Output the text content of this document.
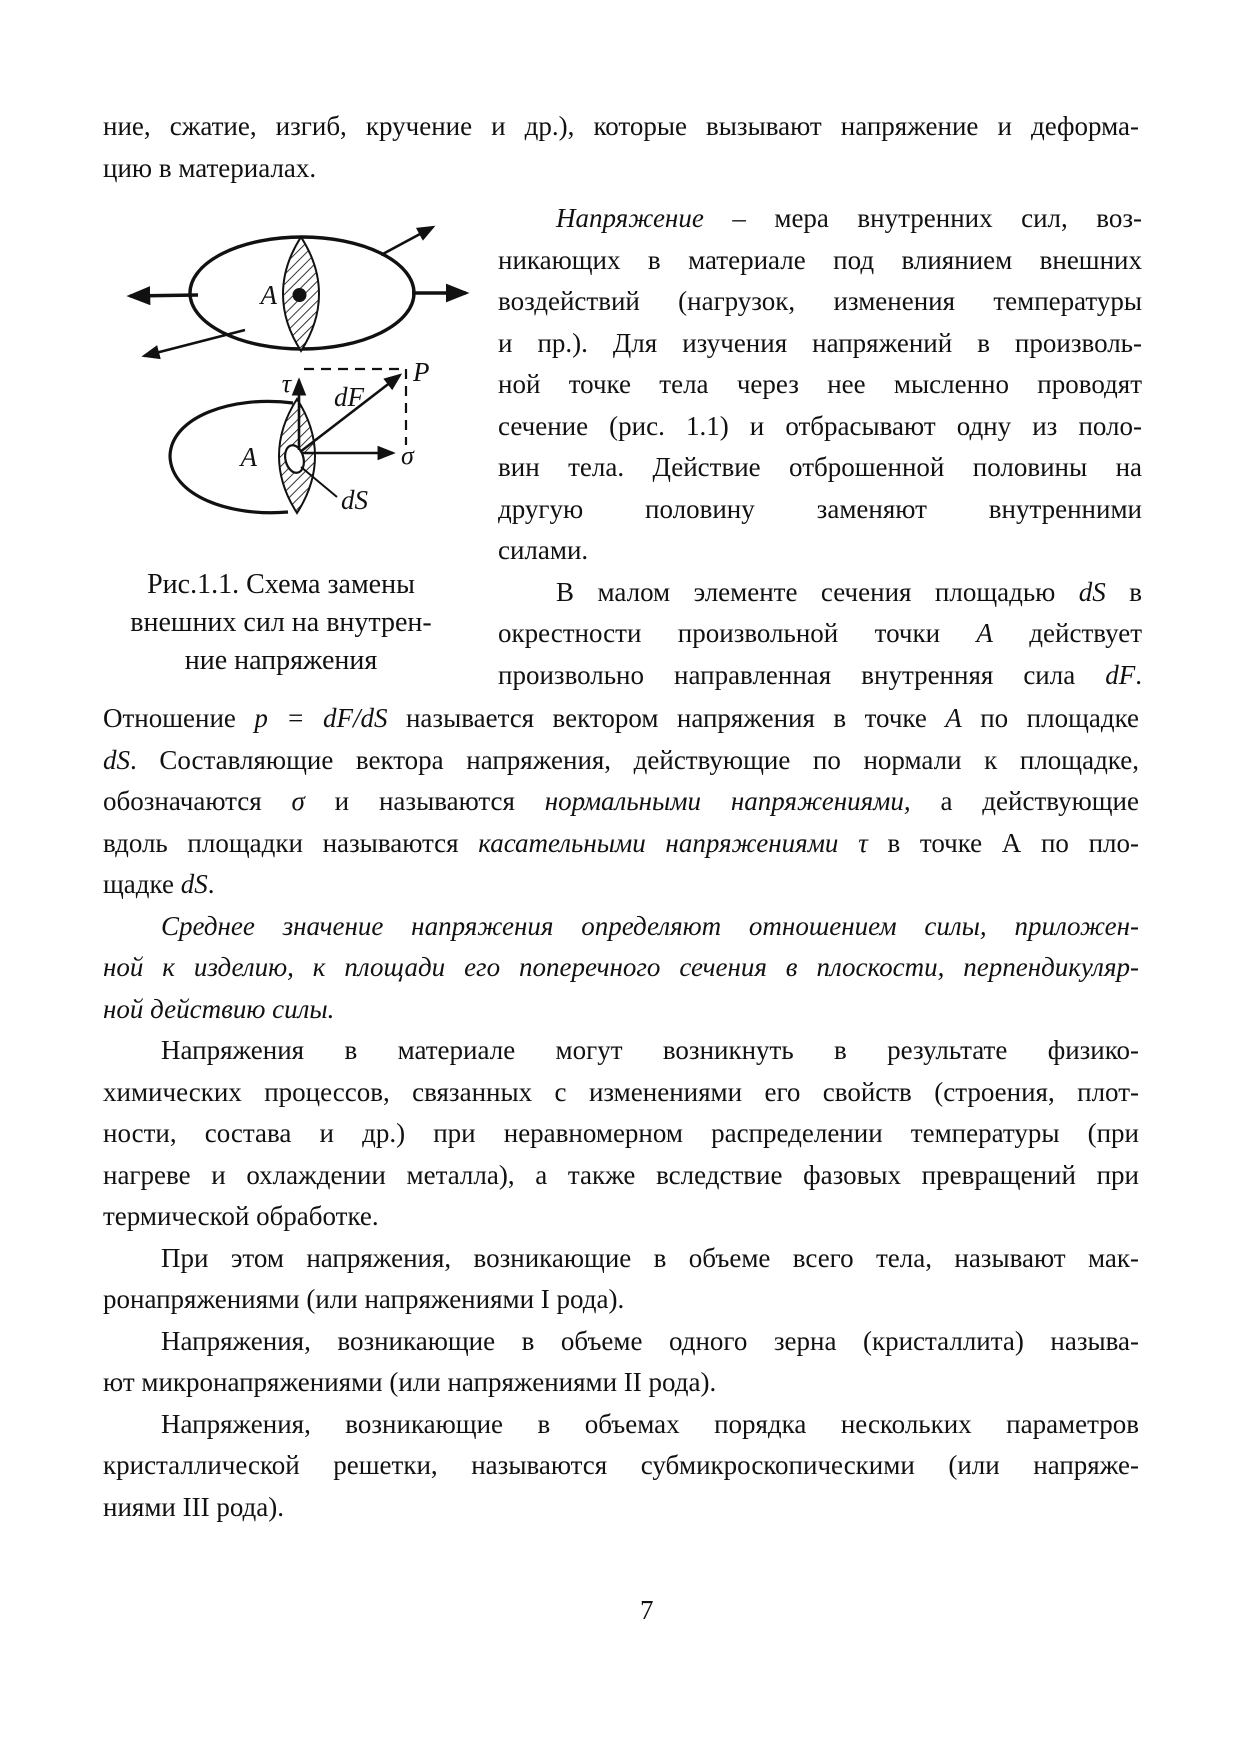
ние, сжатие, изгиб, кручение и др.), которые вызывают напряжение и деформа-
цию в материалах.
A
τ	P
dF
σ
dS
A
Рис.1.1. Схема замены
внешних сил на внутрен-
ние напряжения
Напряжение – мера внутренних сил, воз-
никающих в материале под влиянием внешних
воздействий (нагрузок, изменения температуры
и пр.). Для изучения напряжений в произволь-
ной точке тела через нее мысленно проводят
сечение (рис. 1.1) и отбрасывают одну из поло-
вин тела. Действие отброшенной половины на
другую половину заменяют внутренними
силами.
В малом элементе сечения площадью dS в
окрестности произвольной точки А действует
произвольно направленная внутренняя сила dF.
Отношение p = dF/dS называется вектором напряжения в точке А по площадке
dS. Составляющие вектора напряжения, действующие по нормали к площадке,
обозначаются σ и называются нормальными напряжениями, а действующие
вдоль площадки называются касательными напряжениями τ в точке А по пло-
щадке dS.
Среднее значение напряжения определяют отношением силы, приложен-
ной к изделию, к площади его поперечного сечения в плоскости, перпендикуляр-
ной действию силы.
Напряжения в материале могут возникнуть в результате физико-
химических процессов, связанных с изменениями его свойств (строения, плот-
ности, состава и др.) при неравномерном распределении температуры (при
нагреве и охлаждении металла), а также вследствие фазовых превращений при
термической обработке.
При этом напряжения, возникающие в объеме всего тела, называют мак-
ронапряжениями (или напряжениями I рода).
Напряжения, возникающие в объеме одного зерна (кристаллита) называ-
ют микронапряжениями (или напряжениями II рода).
Напряжения, возникающие в объемах порядка нескольких параметров
кристаллической решетки, называются субмикроскопическими (или напряже-
ниями III рода).
7
